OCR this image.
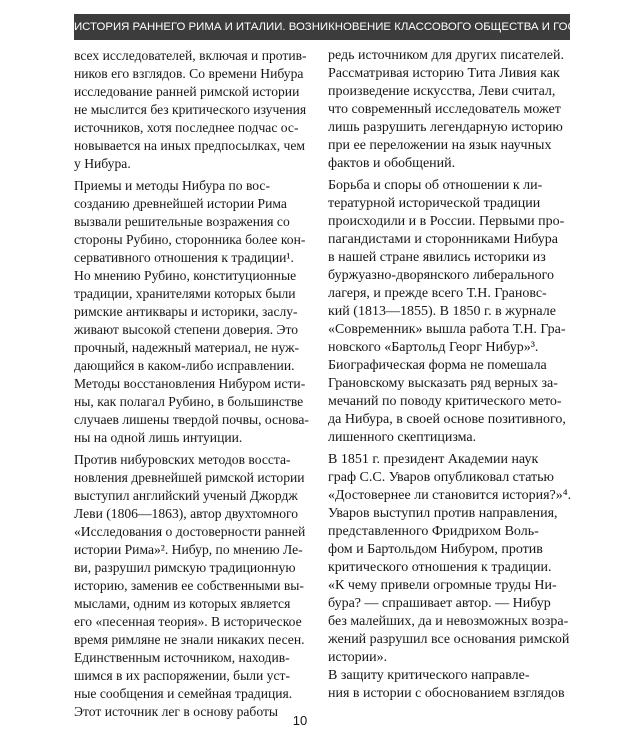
ИСТОРИЯ РАННЕГО РИМА И ИТАЛИИ. ВОЗНИКНОВЕНИЕ КЛАССОВОГО ОБЩЕСТВА И ГОСУДАРСТВА
всех исследователей, включая и против-
ников его взглядов. Со времени Нибура
исследование ранней римской истории
не мыслится без критического изучения
источников, хотя последнее подчас ос-
новывается на иных предпосылках, чем
у Нибура.
Приемы и методы Нибура по вос-
созданию древнейшей истории Рима
вызвали решительные возражения со
стороны Рубино, сторонника более кон-
сервативного отношения к традиции¹.
Но мнению Рубино, конституционные
традиции, хранителями которых были
римские антиквары и историки, заслу-
живают высокой степени доверия. Это
прочный, надежный материал, не нуж-
дающийся в каком-либо исправлении.
Методы восстановления Нибуром исти-
ны, как полагал Рубино, в большинстве
случаев лишены твердой почвы, основа-
ны на одной лишь интуиции.
Против нибуровских методов восста-
новления древнейшей римской истории
выступил английский ученый Джордж
Леви (1806—1863), автор двухтомного
«Исследования о достоверности ранней
истории Рима»². Нибур, по мнению Ле-
ви, разрушил римскую традиционную
историю, заменив ее собственными вы-
мыслами, одним из которых является
его «песенная теория». В историческое
время римляне не знали никаких песен.
Единственным источником, находив-
шимся в их распоряжении, были уст-
ные сообщения и семейная традиция.
Этот источник лег в основу работы
редь источником для других писателей.
Рассматривая историю Тита Ливия как
произведение искусства, Леви считал,
что современный исследователь может
лишь разрушить легендарную историю
при ее переложении на язык научных
фактов и обобщений.
Борьба и споры об отношении к ли-
тературной исторической традиции
происходили и в России. Первыми про-
пагандистами и сторонниками Нибура
в нашей стране явились историки из
буржуазно-дворянского либерального
лагеря, и прежде всего Т.Н. Грановс-
кий (1813—1855). В 1850 г. в журнале
«Современник» вышла работа Т.Н. Гра-
новского «Бартольд Георг Нибур»³.
Биографическая форма не помешала
Грановскому высказать ряд верных за-
мечаний по поводу критического мето-
да Нибура, в своей основе позитивного,
лишенного скептицизма.
В 1851 г. президент Академии наук
граф С.С. Уваров опубликовал статью
«Достовернее ли становится история?»⁴.
Уваров выступил против направления,
представленного Фридрихом Воль-
фом и Бартольдом Нибуром, против
критического отношения к традиции.
«К чему привели огромные труды Ни-
бура? — спрашивает автор. — Нибур
без малейших, да и невозможных возра-
жений разрушил все основания римской
истории».
В защиту критического направле-
ния в истории с обоснованием взглядов
10
